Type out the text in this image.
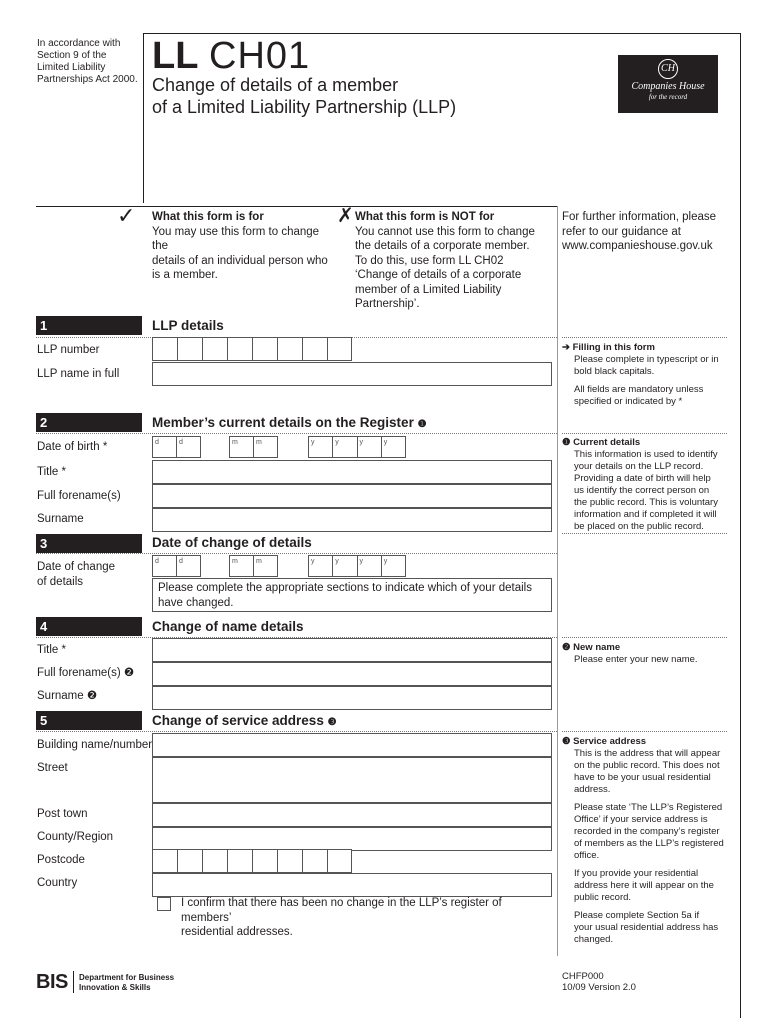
In accordance with
Section 9 of the
Limited Liability
Partnerships Act 2000.
LL CH01
Change of details of a member
of a Limited Liability Partnership (LLP)
CH
Companies House
for the record
✓ What this form is for
You may use this form to change the
details of an individual person who
is a member.
✗ What this form is NOT for
You cannot use this form to change
the details of a corporate member.
To do this, use form LL CH02
‘Change of details of a corporate
member of a Limited Liability
Partnership’.
For further information, please
refer to our guidance at
www.companieshouse.gov.uk
1	LLP details
LLP number
LLP name in full
➔ Filling in this form
Please complete in typescript or in
bold black capitals.
All fields are mandatory unless
specified or indicated by *
2	Member’s current details on the Register ❶
Date of birth *	d	d	m	m	y	y	y	y
Title *
Full forename(s)
Surname
❶ Current details
This information is used to identify
your details on the LLP record.
Providing a date of birth will help
us identify the correct person on
the public record. This is voluntary
information and if completed it will
be placed on the public record.
3	Date of change of details
Date of change
of details
d	d	m	m	y	y	y	y
Please complete the appropriate sections to indicate which of your details
have changed.
4	Change of name details
Title *
Full forename(s) ❷
Surname ❷
❷ New name
Please enter your new name.
5	Change of service address ❸
Building name/number
Street
Post town
County/Region
Postcode
Country
I confirm that there has been no change in the LLP’s register of members’
residential addresses.
❸ Service address
This is the address that will appear
on the public record. This does not
have to be your usual residential
address.
Please state ‘The LLP’s Registered
Office’ if your service address is
recorded in the company’s register
of members as the LLP’s registered
office.
If you provide your residential
address here it will appear on the
public record.
Please complete Section 5a if
your usual residential address has
changed.
BIS Department for Business
Innovation & Skills
CHFP000
10/09 Version 2.0
